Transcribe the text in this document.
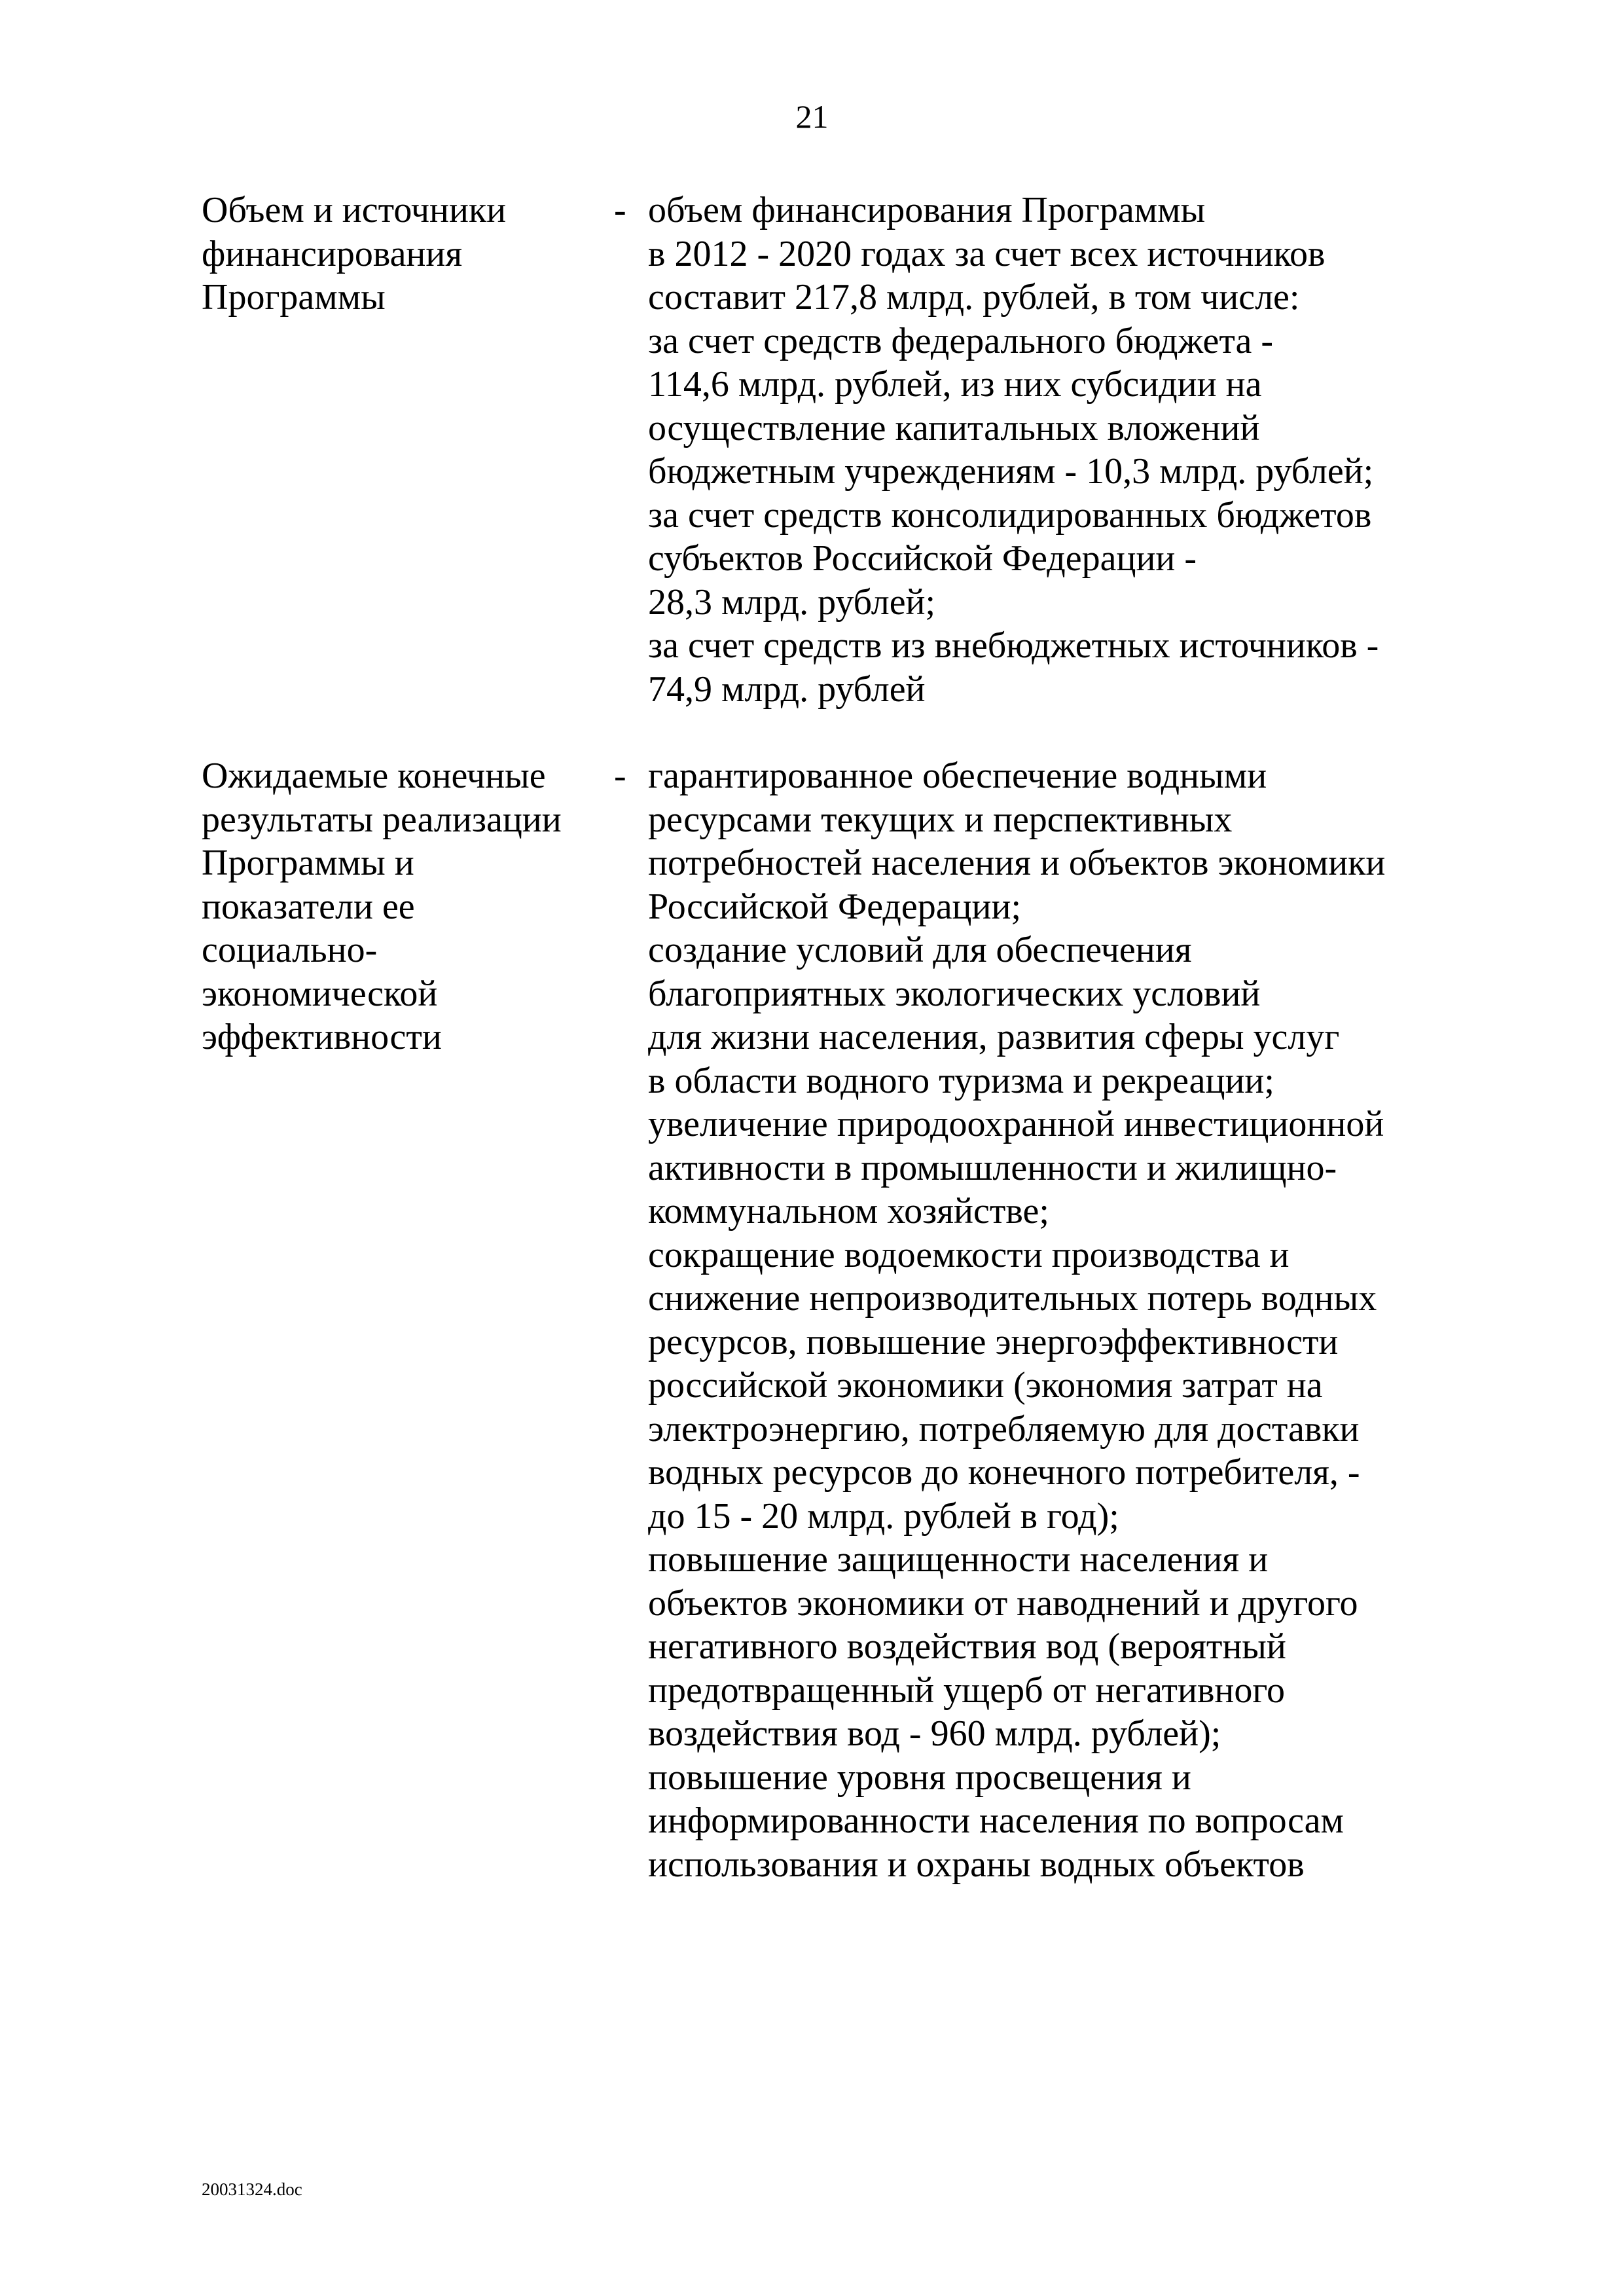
21
Объем и источники
финансирования
Программы
- объем финансирования Программы
в 2012 - 2020 годах за счет всех источников
составит 217,8 млрд. рублей, в том числе:
за счет средств федерального бюджета -
114,6 млрд. рублей, из них субсидии на
осуществление капитальных вложений
бюджетным учреждениям - 10,3 млрд. рублей;
за счет средств консолидированных бюджетов
субъектов Российской Федерации -
28,3 млрд. рублей;
за счет средств из внебюджетных источников -
74,9 млрд. рублей
Ожидаемые конечные
результаты реализации
Программы и
показатели ее
социально-
экономической
эффективности
- гарантированное обеспечение водными
ресурсами текущих и перспективных
потребностей населения и объектов экономики
Российской Федерации;
создание условий для обеспечения
благоприятных экологических условий
для жизни населения, развития сферы услуг
в области водного туризма и рекреации;
увеличение природоохранной инвестиционной
активности в промышленности и жилищно-
коммунальном хозяйстве;
сокращение водоемкости производства и
снижение непроизводительных потерь водных
ресурсов, повышение энергоэффективности
российской экономики (экономия затрат на
электроэнергию, потребляемую для доставки
водных ресурсов до конечного потребителя, -
до 15 - 20 млрд. рублей в год);
повышение защищенности населения и
объектов экономики от наводнений и другого
негативного воздействия вод (вероятный
предотвращенный ущерб от негативного
воздействия вод - 960 млрд. рублей);
повышение уровня просвещения и
информированности населения по вопросам
использования и охраны водных объектов
20031324.doc
